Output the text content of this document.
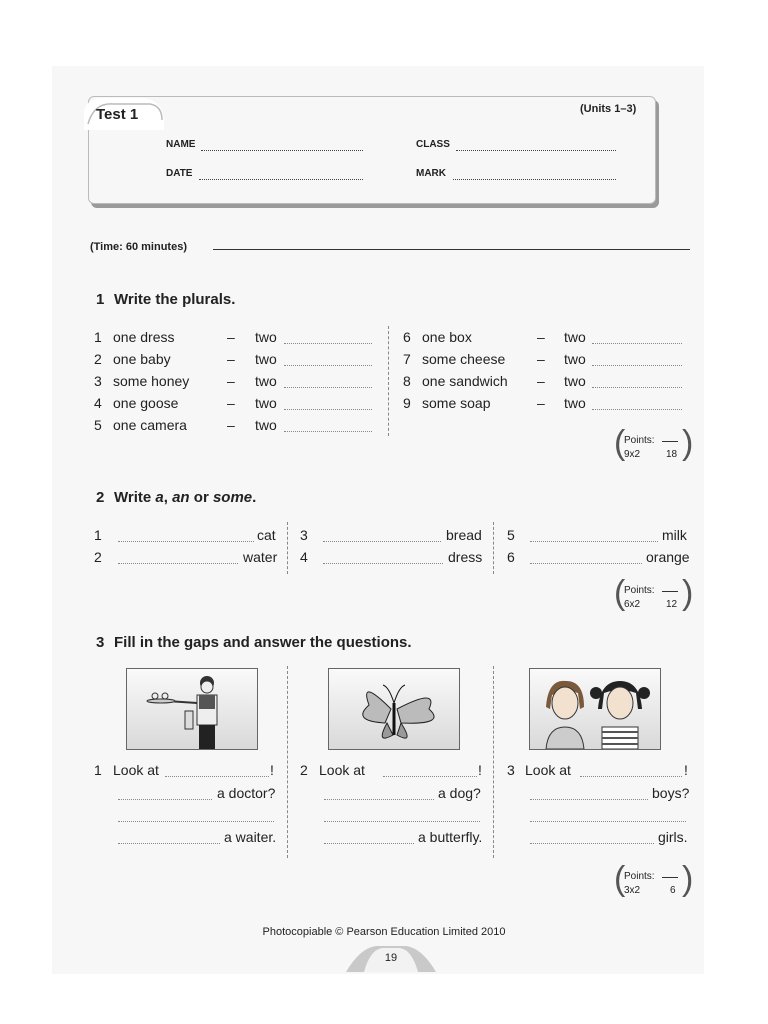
Test 1	(Units 1–3)
NAME	CLASS
DATE	MARK
(Time: 60 minutes)
1 Write the plurals.
1 one dress	– two
2 one baby	– two
3 some honey	– two
4 one goose	– two
5 one camera	– two
6 one box	– two
7 some cheese – two
8 one sandwich – two
9 some soap	– two
( )
Points:
9x2	18
2 Write a, an or some.
1	cat
2	water
3	bread
4	dress
5	milk
6	orange
( )
Points:
6x2	12
3 Fill in the gaps and answer the questions.
1 Look at	!
a doctor?
a waiter.
2 Look at	!
a dog?
a butterfly.
3 Look at	!
boys?
girls.
( )
Points:
3x2	6
Photocopiable © Pearson Education Limited 2010
19
